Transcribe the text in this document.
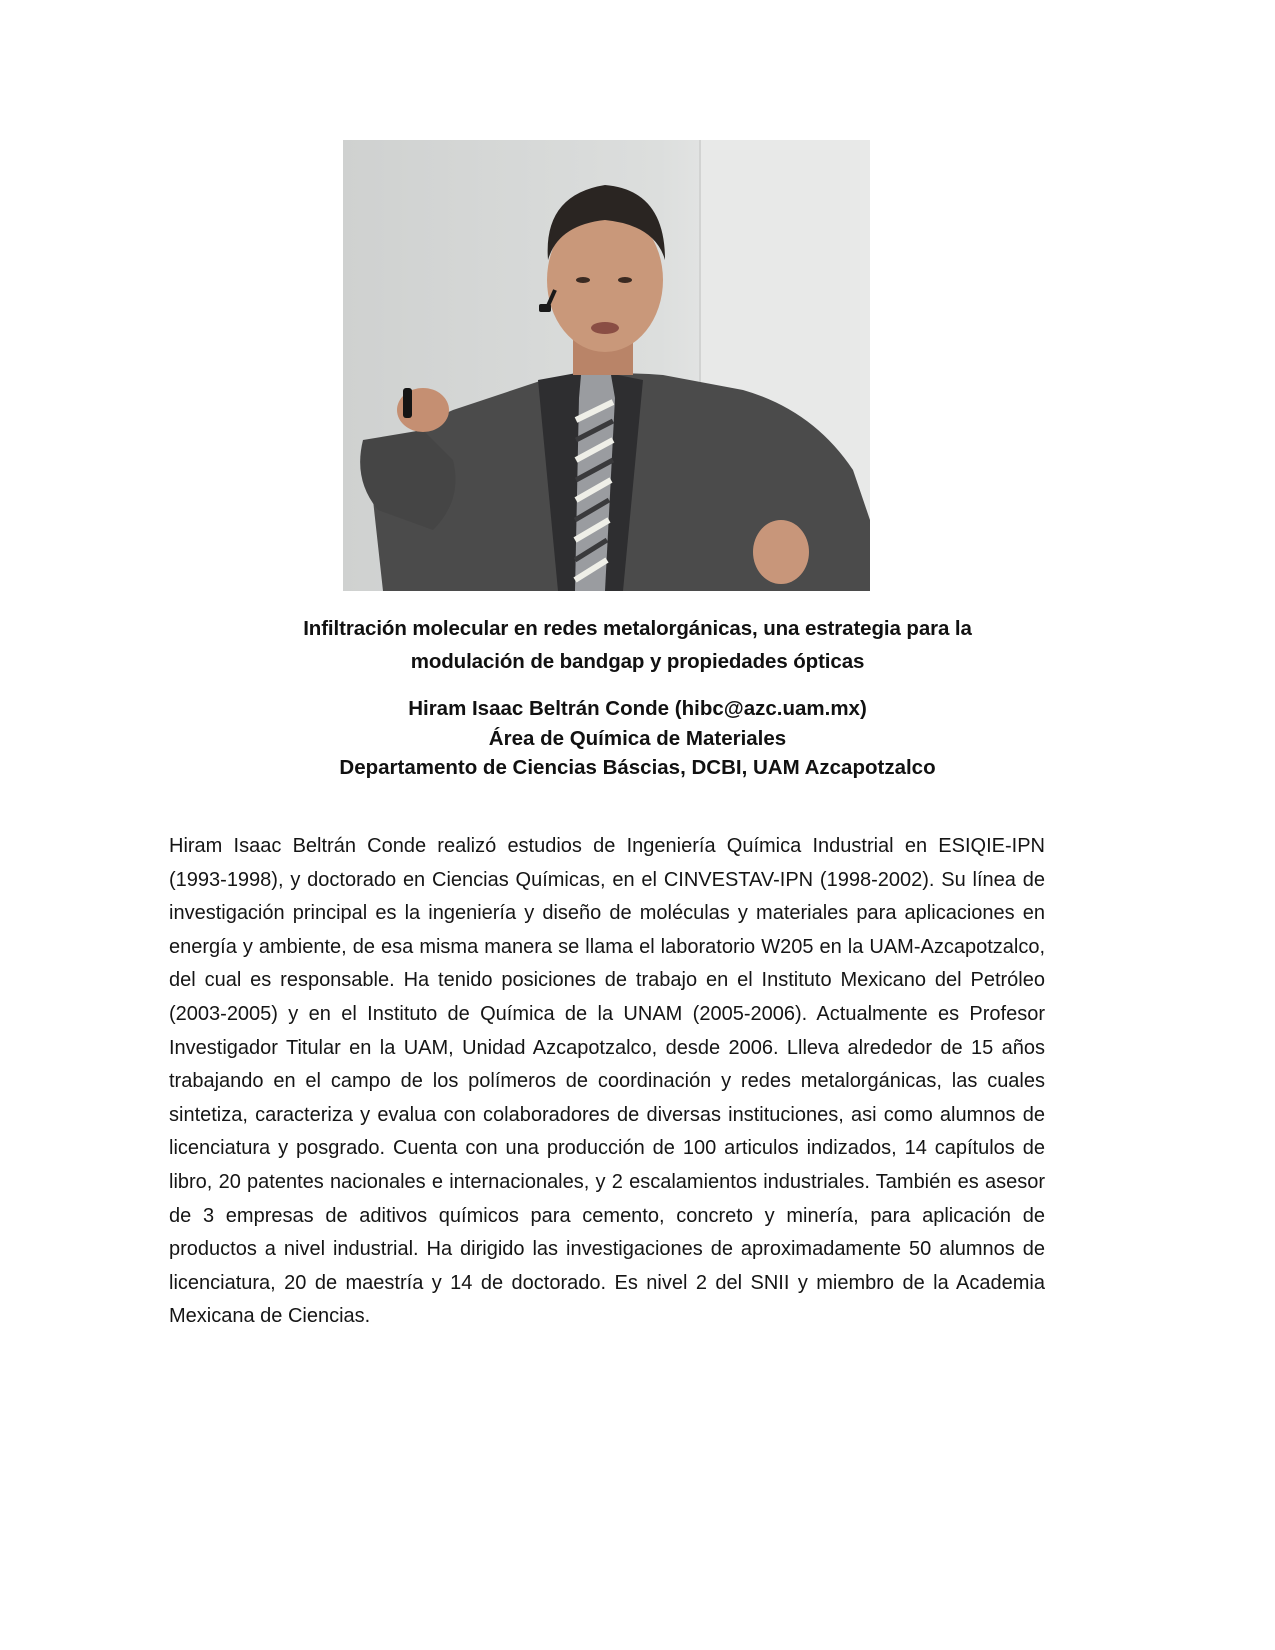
Infiltración molecular en redes metalorgánicas, una estrategia para la
modulación de bandgap y propiedades ópticas
Hiram Isaac Beltrán Conde (hibc@azc.uam.mx)
Área de Química de Materiales
Departamento de Ciencias Báscias, DCBI, UAM Azcapotzalco

Hiram Isaac Beltrán Conde realizó estudios de Ingeniería Química Industrial en ESIQIE-IPN (1993-1998), y doctorado en Ciencias Químicas, en el CINVESTAV-IPN (1998-2002). Su línea de investigación principal es la ingeniería y diseño de moléculas y materiales para aplicaciones en energía y ambiente, de esa misma manera se llama el laboratorio W205 en la UAM-Azcapotzalco, del cual es responsable. Ha tenido posiciones de trabajo en el Instituto Mexicano del Petróleo (2003-2005) y en el Instituto de Química de la UNAM (2005-2006). Actualmente es Profesor Investigador Titular en la UAM, Unidad Azcapotzalco, desde 2006. Llleva alrededor de 15 años trabajando en el campo de los polímeros de coordinación y redes metalorgánicas, las cuales sintetiza, caracteriza y evalua con colaboradores de diversas instituciones, asi como alumnos de licenciatura y posgrado. Cuenta con una producción de 100 articulos indizados, 14 capítulos de libro, 20 patentes nacionales e internacionales, y 2 escalamientos industriales. También es asesor de 3 empresas de aditivos químicos para cemento, concreto y minería, para aplicación de productos a nivel industrial. Ha dirigido las investigaciones de aproximadamente 50 alumnos de licenciatura, 20 de maestría y 14 de doctorado. Es nivel 2 del SNII y miembro de la Academia Mexicana de Ciencias.
